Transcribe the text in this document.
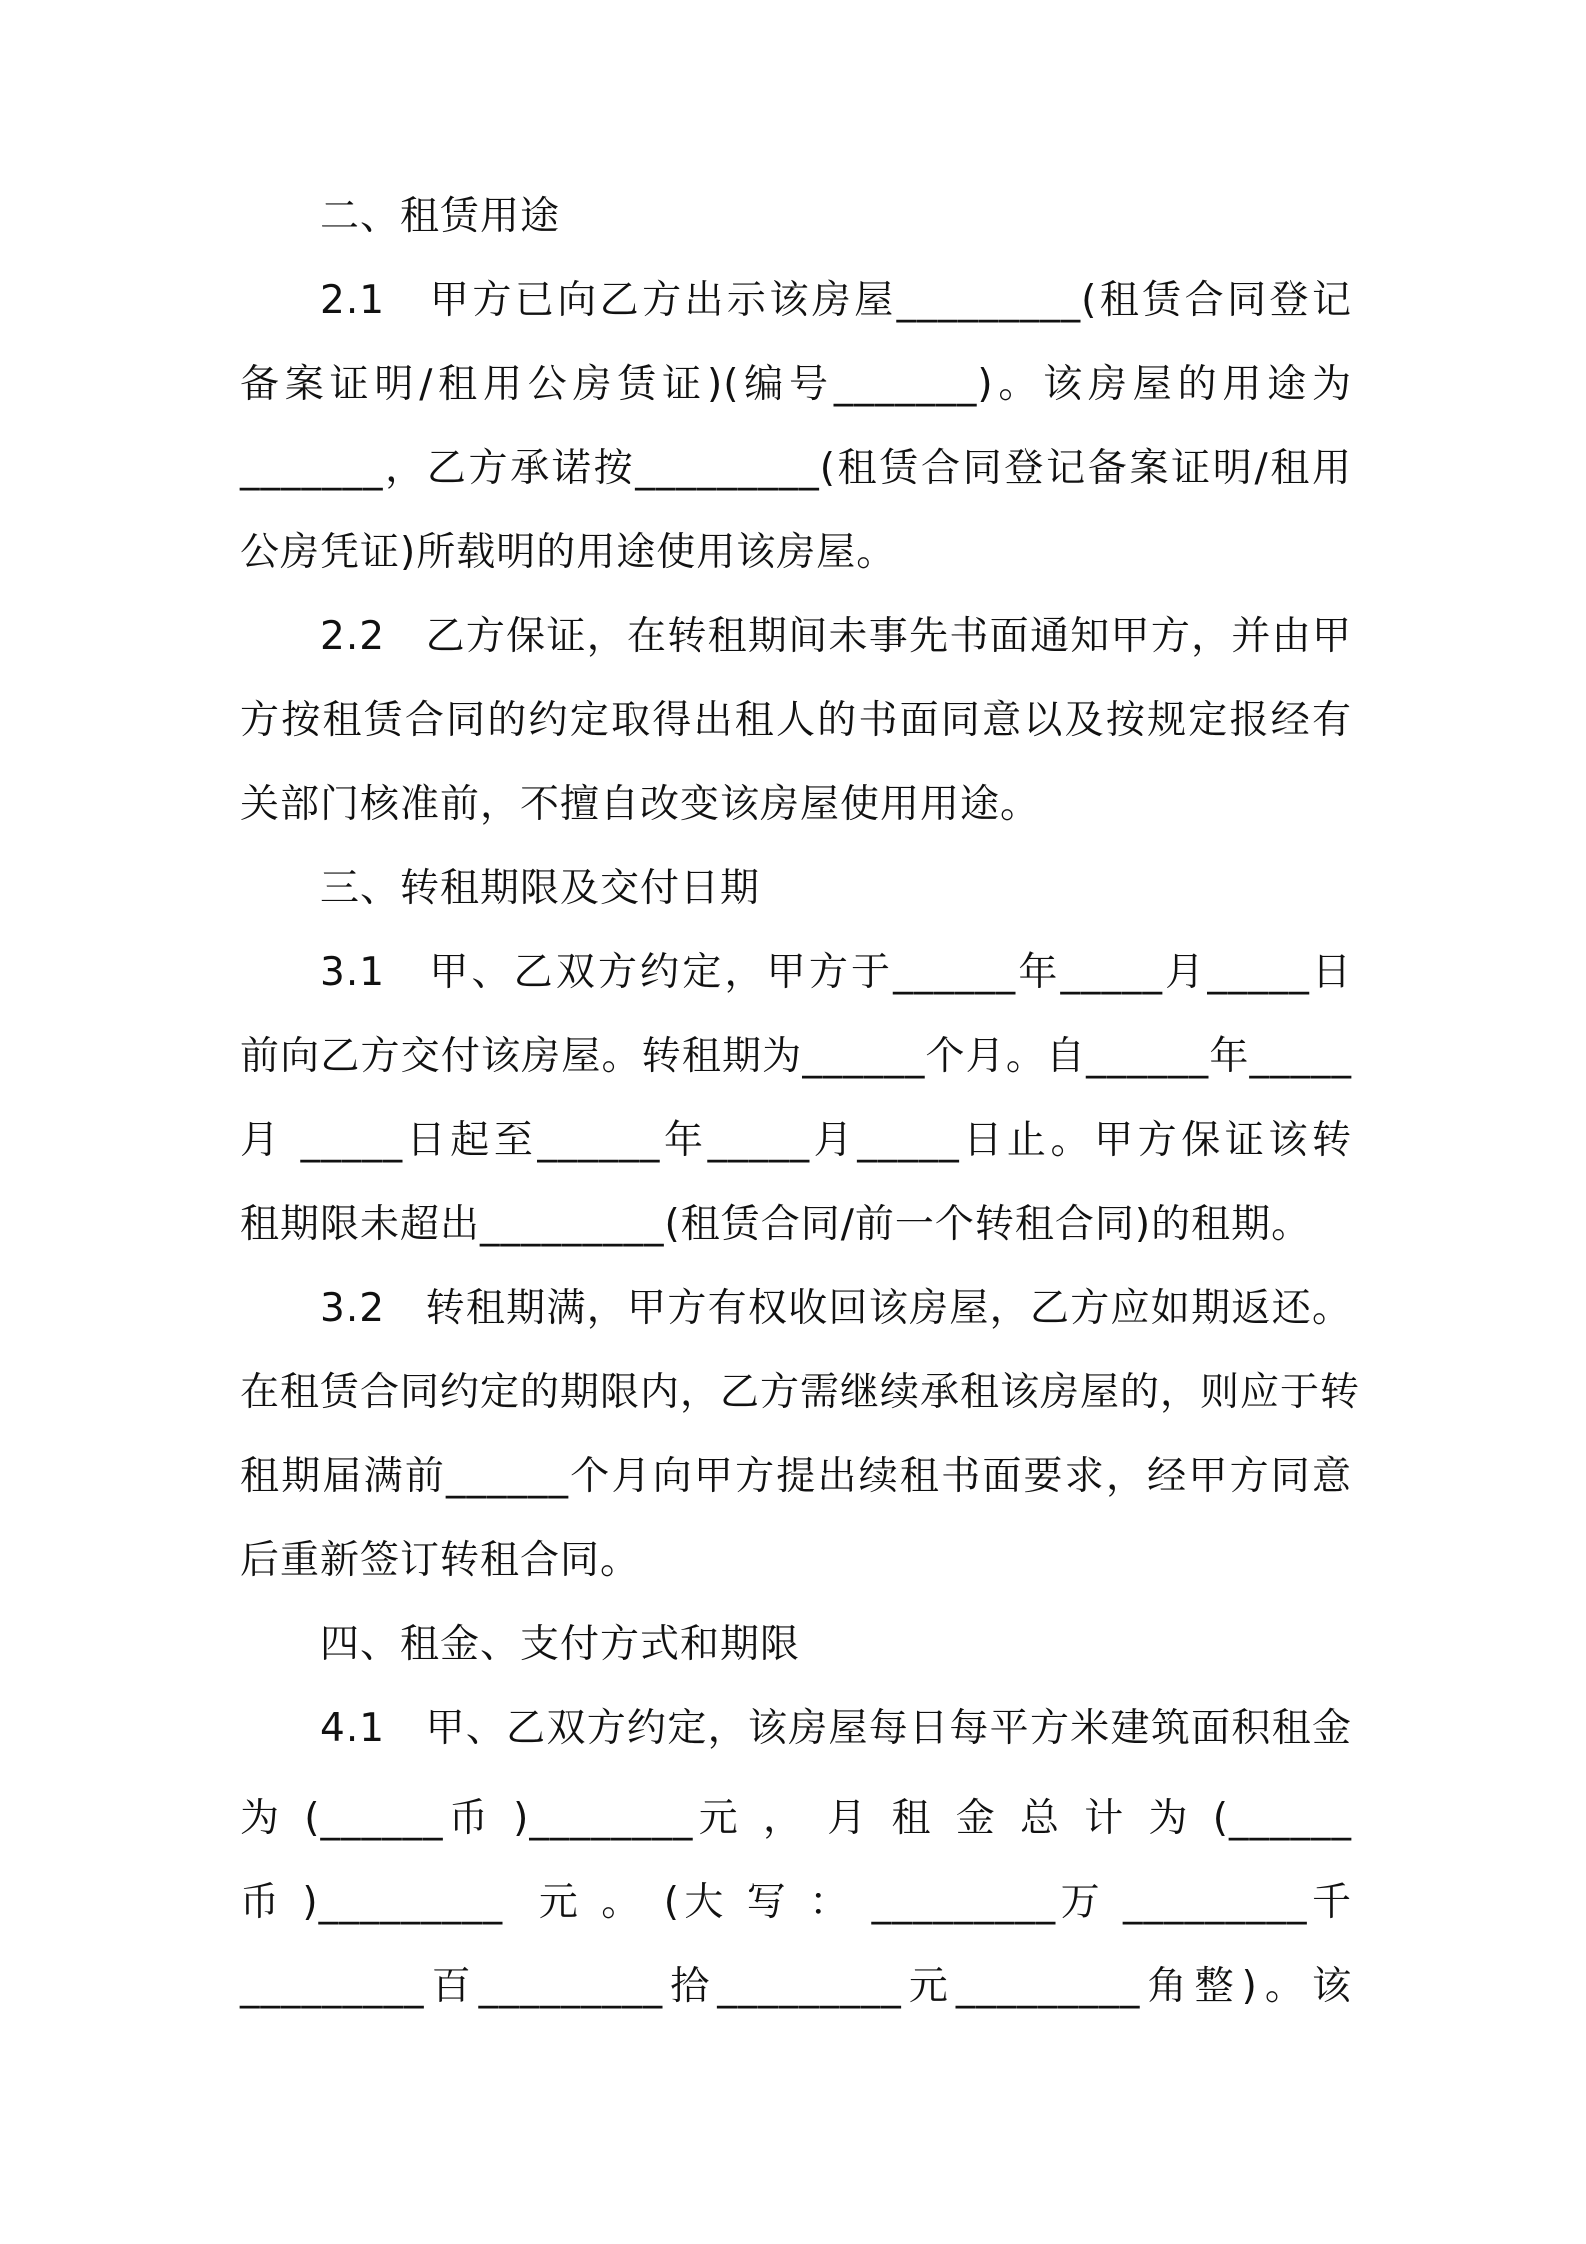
二、租赁用途
2.1　甲方已向乙方出示该房屋_________(租赁合同登记
备案证明/租用公房赁证)(编号_______)。该房屋的用途为
_______，乙方承诺按_________(租赁合同登记备案证明/租用
公房凭证)所载明的用途使用该房屋。
2.2　乙方保证，在转租期间未事先书面通知甲方，并由甲
方按租赁合同的约定取得出租人的书面同意以及按规定报经有
关部门核准前，不擅自改变该房屋使用用途。
三、转租期限及交付日期
3.1　甲、乙双方约定，甲方于______年_____月_____日
前向乙方交付该房屋。转租期为______个月。自______年_____
月 _____日起至______年_____月_____日止。甲方保证该转
租期限未超出_________(租赁合同/前一个转租合同)的租期。
3.2　转租期满，甲方有权收回该房屋，乙方应如期返还。
在租赁合同约定的期限内，乙方需继续承租该房屋的，则应于转
租期届满前______个月向甲方提出续租书面要求，经甲方同意
后重新签订转租合同。
四、租金、支付方式和期限
4.1　甲、乙双方约定，该房屋每日每平方米建筑面积租金
为 (______币 )________元 ， 月 租 金 总 计 为 (______
币 )_________  元 。 (大 写 ： _________万 _________千
_________百_________拾_________元_________角整)。该
